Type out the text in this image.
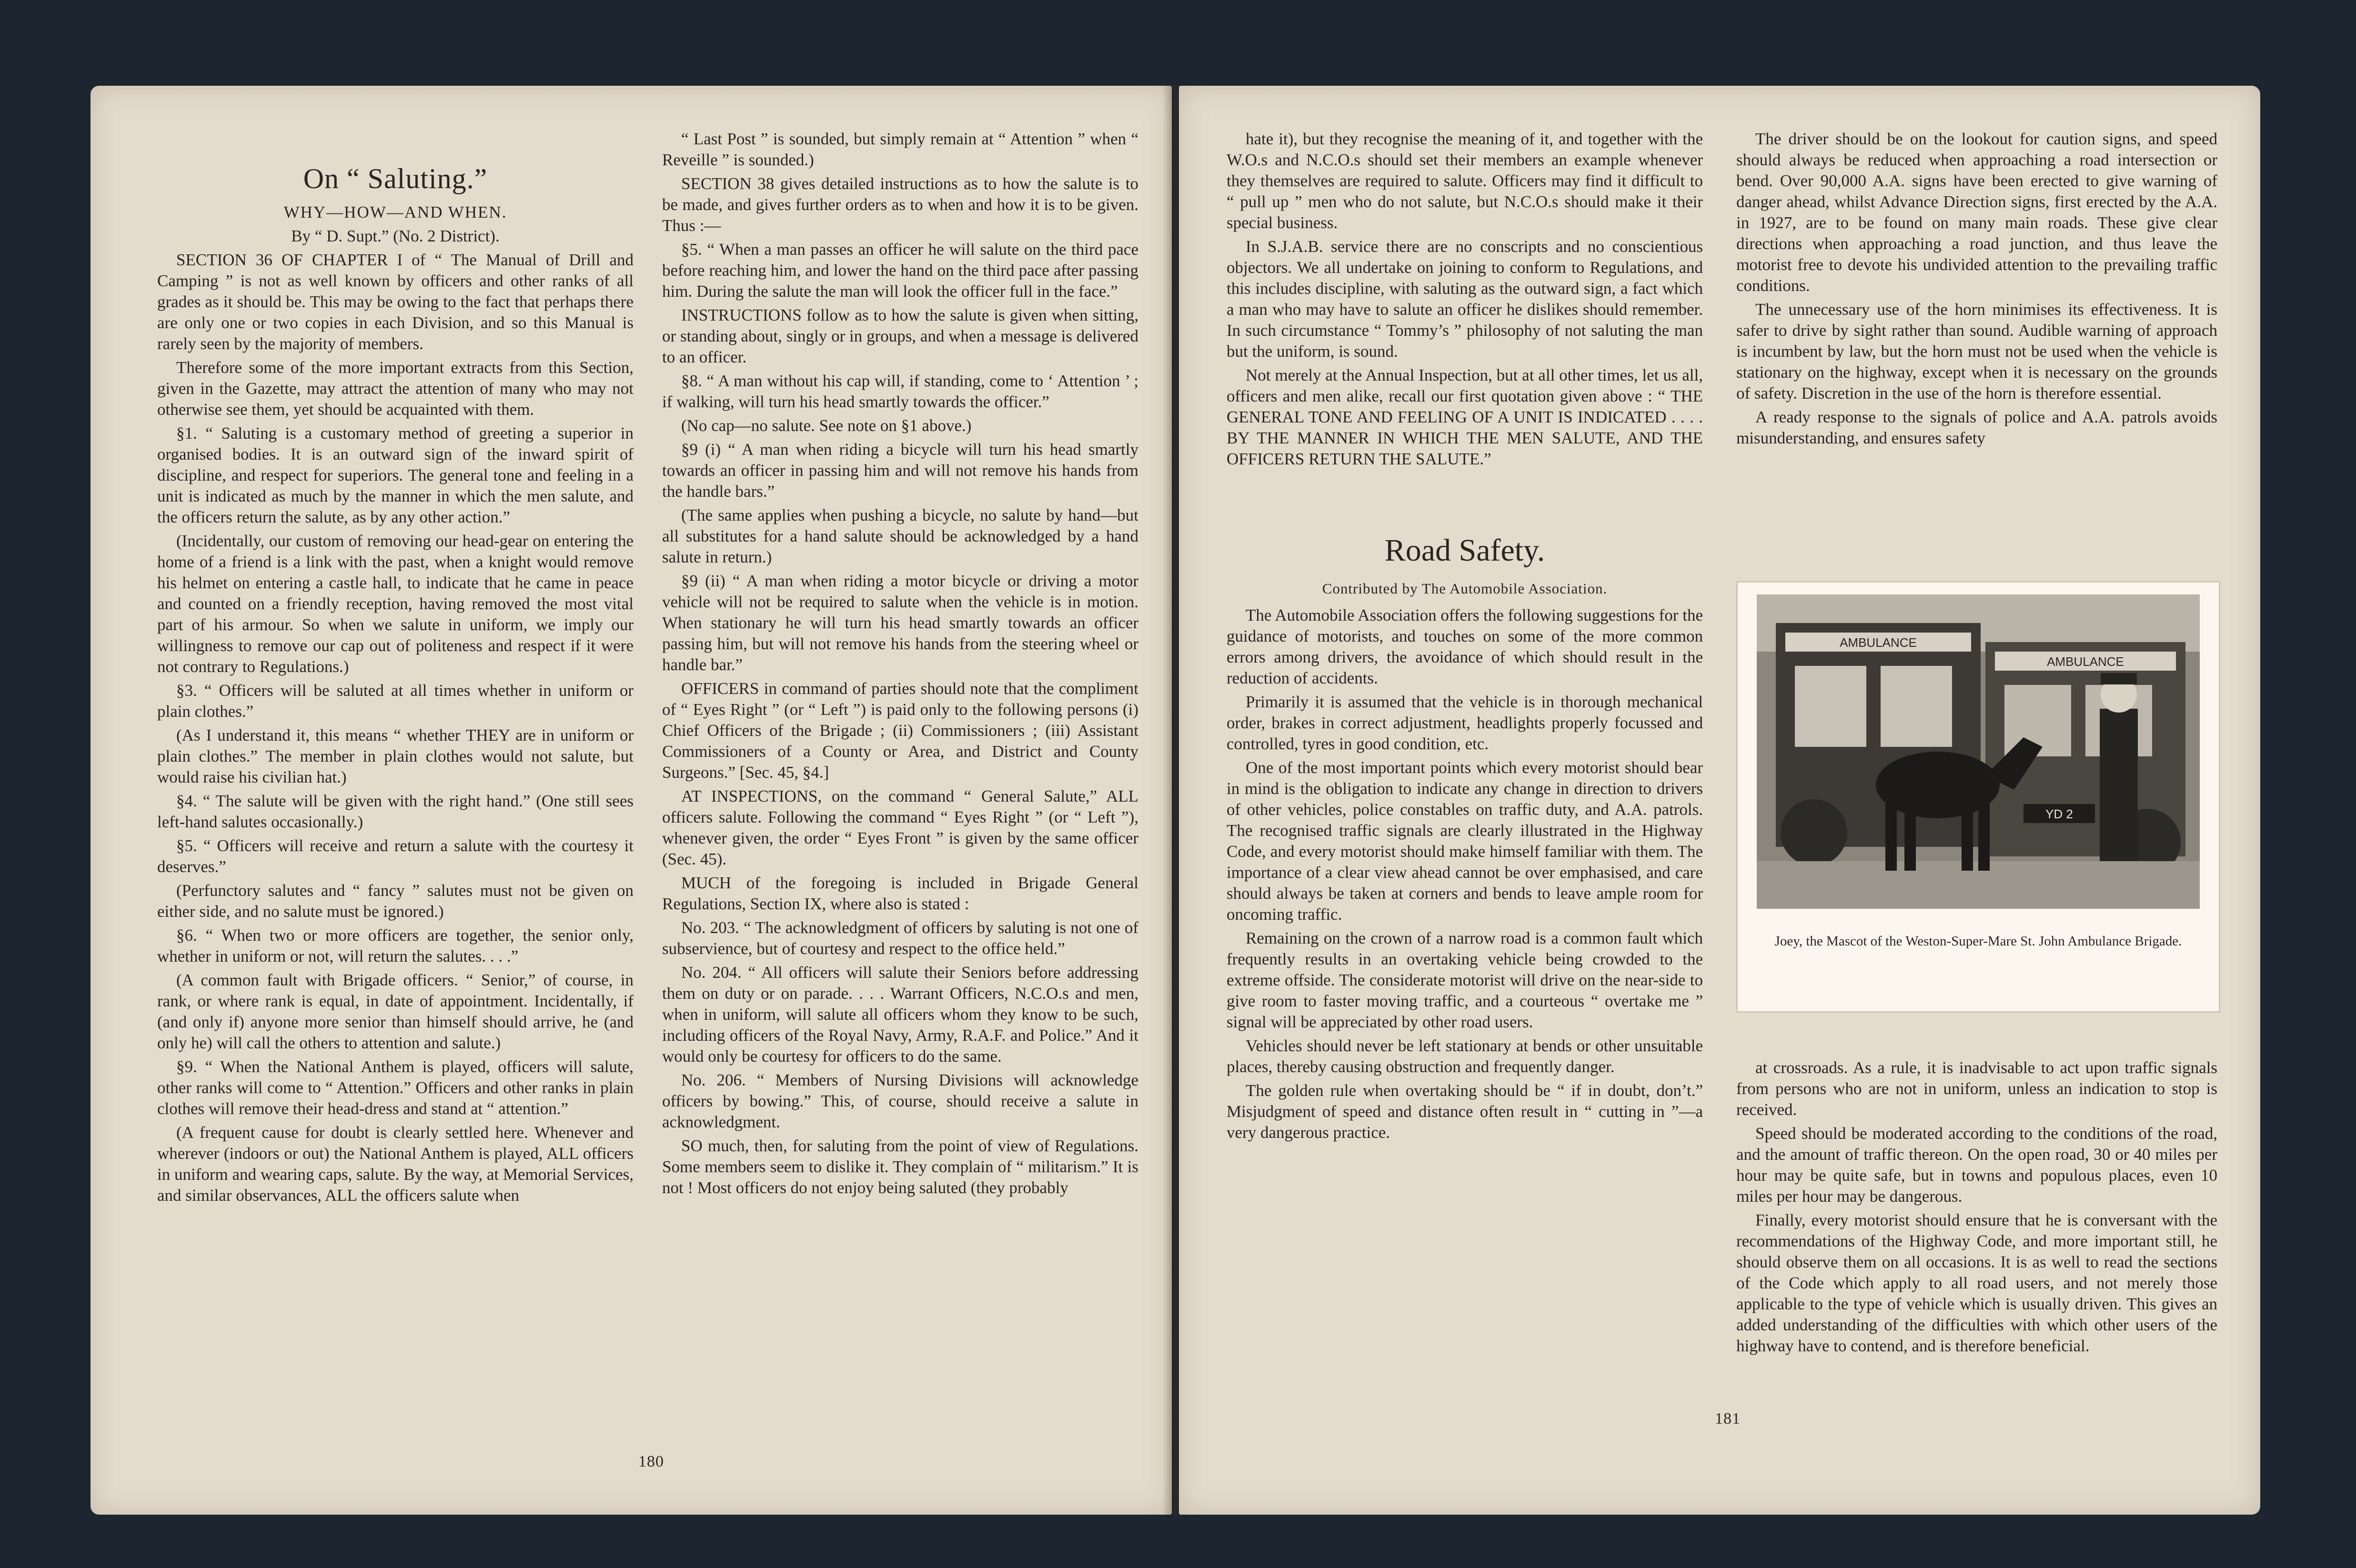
On “ Saluting.”
WHY—HOW—AND WHEN.
By “ D. Supt.” (No. 2 District).

SECTION 36 OF CHAPTER I of “ The Manual of Drill and Camping ” is not as well known by officers and other ranks of all grades as it should be. This may be owing to the fact that perhaps there are only one or two copies in each Division, and so this Manual is rarely seen by the majority of members.

Therefore some of the more important extracts from this Section, given in the Gazette, may attract the attention of many who may not otherwise see them, yet should be acquainted with them.

§1. “ Saluting is a customary method of greeting a superior in organised bodies. It is an outward sign of the inward spirit of discipline, and respect for superiors. The general tone and feeling in a unit is indicated as much by the manner in which the men salute, and the officers return the salute, as by any other action.”

(Incidentally, our custom of removing our head-gear on entering the home of a friend is a link with the past, when a knight would remove his helmet on entering a castle hall, to indicate that he came in peace and counted on a friendly reception, having removed the most vital part of his armour. So when we salute in uniform, we imply our willingness to remove our cap out of politeness and respect if it were not contrary to Regulations.)

§3. “ Officers will be saluted at all times whether in uniform or plain clothes.”

(As I understand it, this means “ whether THEY are in uniform or plain clothes.” The member in plain clothes would not salute, but would raise his civilian hat.)

§4. “ The salute will be given with the right hand.” (One still sees left-hand salutes occasionally.)

§5. “ Officers will receive and return a salute with the courtesy it deserves.”

(Perfunctory salutes and “ fancy ” salutes must not be given on either side, and no salute must be ignored.)

§6. “ When two or more officers are together, the senior only, whether in uniform or not, will return the salutes. . . .”

(A common fault with Brigade officers. “ Senior,” of course, in rank, or where rank is equal, in date of appointment. Incidentally, if (and only if) anyone more senior than himself should arrive, he (and only he) will call the others to attention and salute.)

§9. “ When the National Anthem is played, officers will salute, other ranks will come to “ Attention.” Officers and other ranks in plain clothes will remove their head-dress and stand at “ attention.”

(A frequent cause for doubt is clearly settled here. Whenever and wherever (indoors or out) the National Anthem is played, ALL officers in uniform and wearing caps, salute. By the way, at Memorial Services, and similar observances, ALL the officers salute when

“ Last Post ” is sounded, but simply remain at “ Attention ” when “ Reveille ” is sounded.)

SECTION 38 gives detailed instructions as to how the salute is to be made, and gives further orders as to when and how it is to be given. Thus :—

§5. “ When a man passes an officer he will salute on the third pace before reaching him, and lower the hand on the third pace after passing him. During the salute the man will look the officer full in the face.”

INSTRUCTIONS follow as to how the salute is given when sitting, or standing about, singly or in groups, and when a message is delivered to an officer.

§8. “ A man without his cap will, if standing, come to ‘ Attention ’ ; if walking, will turn his head smartly towards the officer.”

(No cap—no salute. See note on §1 above.)

§9 (i) “ A man when riding a bicycle will turn his head smartly towards an officer in passing him and will not remove his hands from the handle bars.”

(The same applies when pushing a bicycle, no salute by hand—but all substitutes for a hand salute should be acknowledged by a hand salute in return.)

§9 (ii) “ A man when riding a motor bicycle or driving a motor vehicle will not be required to salute when the vehicle is in motion. When stationary he will turn his head smartly towards an officer passing him, but will not remove his hands from the steering wheel or handle bar.”

OFFICERS in command of parties should note that the compliment of “ Eyes Right ” (or “ Left ”) is paid only to the following persons (i) Chief Officers of the Brigade ; (ii) Commissioners ; (iii) Assistant Commissioners of a County or Area, and District and County Surgeons.” [Sec. 45, §4.]

AT INSPECTIONS, on the command “ General Salute,” ALL officers salute. Following the command “ Eyes Right ” (or “ Left ”), whenever given, the order “ Eyes Front ” is given by the same officer (Sec. 45).

MUCH of the foregoing is included in Brigade General Regulations, Section IX, where also is stated :

No. 203. “ The acknowledgment of officers by saluting is not one of subservience, but of courtesy and respect to the office held.”

No. 204. “ All officers will salute their Seniors before addressing them on duty or on parade. . . . Warrant Officers, N.C.O.s and men, when in uniform, will salute all officers whom they know to be such, including officers of the Royal Navy, Army, R.A.F. and Police.” And it would only be courtesy for officers to do the same.

No. 206. “ Members of Nursing Divisions will acknowledge officers by bowing.” This, of course, should receive a salute in acknowledgment.

SO much, then, for saluting from the point of view of Regulations. Some members seem to dislike it. They complain of “ militarism.” It is not ! Most officers do not enjoy being saluted (they probably

180

hate it), but they recognise the meaning of it, and together with the W.O.s and N.C.O.s should set their members an example whenever they themselves are required to salute. Officers may find it difficult to “ pull up ” men who do not salute, but N.C.O.s should make it their special business.

In S.J.A.B. service there are no conscripts and no conscientious objectors. We all undertake on joining to conform to Regulations, and this includes discipline, with saluting as the outward sign, a fact which a man who may have to salute an officer he dislikes should remember. In such circumstance “ Tommy’s ” philosophy of not saluting the man but the uniform, is sound.

Not merely at the Annual Inspection, but at all other times, let us all, officers and men alike, recall our first quotation given above : “ THE GENERAL TONE AND FEELING OF A UNIT IS INDICATED . . . . BY THE MANNER IN WHICH THE MEN SALUTE, AND THE OFFICERS RETURN THE SALUTE.”

Road Safety.
Contributed by The Automobile Association.

The Automobile Association offers the following suggestions for the guidance of motorists, and touches on some of the more common errors among drivers, the avoidance of which should result in the reduction of accidents.

Primarily it is assumed that the vehicle is in thorough mechanical order, brakes in correct adjustment, headlights properly focussed and controlled, tyres in good condition, etc.

One of the most important points which every motorist should bear in mind is the obligation to indicate any change in direction to drivers of other vehicles, police constables on traffic duty, and A.A. patrols. The recognised traffic signals are clearly illustrated in the Highway Code, and every motorist should make himself familiar with them. The importance of a clear view ahead cannot be over emphasised, and care should always be taken at corners and bends to leave ample room for oncoming traffic.

Remaining on the crown of a narrow road is a common fault which frequently results in an overtaking vehicle being crowded to the extreme offside. The considerate motorist will drive on the near-side to give room to faster moving traffic, and a courteous “ overtake me ” signal will be appreciated by other road users.

Vehicles should never be left stationary at bends or other unsuitable places, thereby causing obstruction and frequently danger.

The golden rule when overtaking should be “ if in doubt, don’t.” Misjudgment of speed and distance often result in “ cutting in ”—a very dangerous practice.

The driver should be on the lookout for caution signs, and speed should always be reduced when approaching a road intersection or bend. Over 90,000 A.A. signs have been erected to give warning of danger ahead, whilst Advance Direction signs, first erected by the A.A. in 1927, are to be found on many main roads. These give clear directions when approaching a road junction, and thus leave the motorist free to devote his undivided attention to the prevailing traffic conditions.

The unnecessary use of the horn minimises its effectiveness. It is safer to drive by sight rather than sound. Audible warning of approach is incumbent by law, but the horn must not be used when the vehicle is stationary on the highway, except when it is necessary on the grounds of safety. Discretion in the use of the horn is therefore essential.

A ready response to the signals of police and A.A. patrols avoids misunderstanding, and ensures safety

AMBULANCE
AMBULANCE
YD 2
Joey, the Mascot of the Weston-Super-Mare St. John Ambulance Brigade.

at crossroads. As a rule, it is inadvisable to act upon traffic signals from persons who are not in uniform, unless an indication to stop is received.

Speed should be moderated according to the conditions of the road, and the amount of traffic thereon. On the open road, 30 or 40 miles per hour may be quite safe, but in towns and populous places, even 10 miles per hour may be dangerous.

Finally, every motorist should ensure that he is conversant with the recommendations of the Highway Code, and more important still, he should observe them on all occasions. It is as well to read the sections of the Code which apply to all road users, and not merely those applicable to the type of vehicle which is usually driven. This gives an added understanding of the difficulties with which other users of the highway have to contend, and is therefore beneficial.

181
